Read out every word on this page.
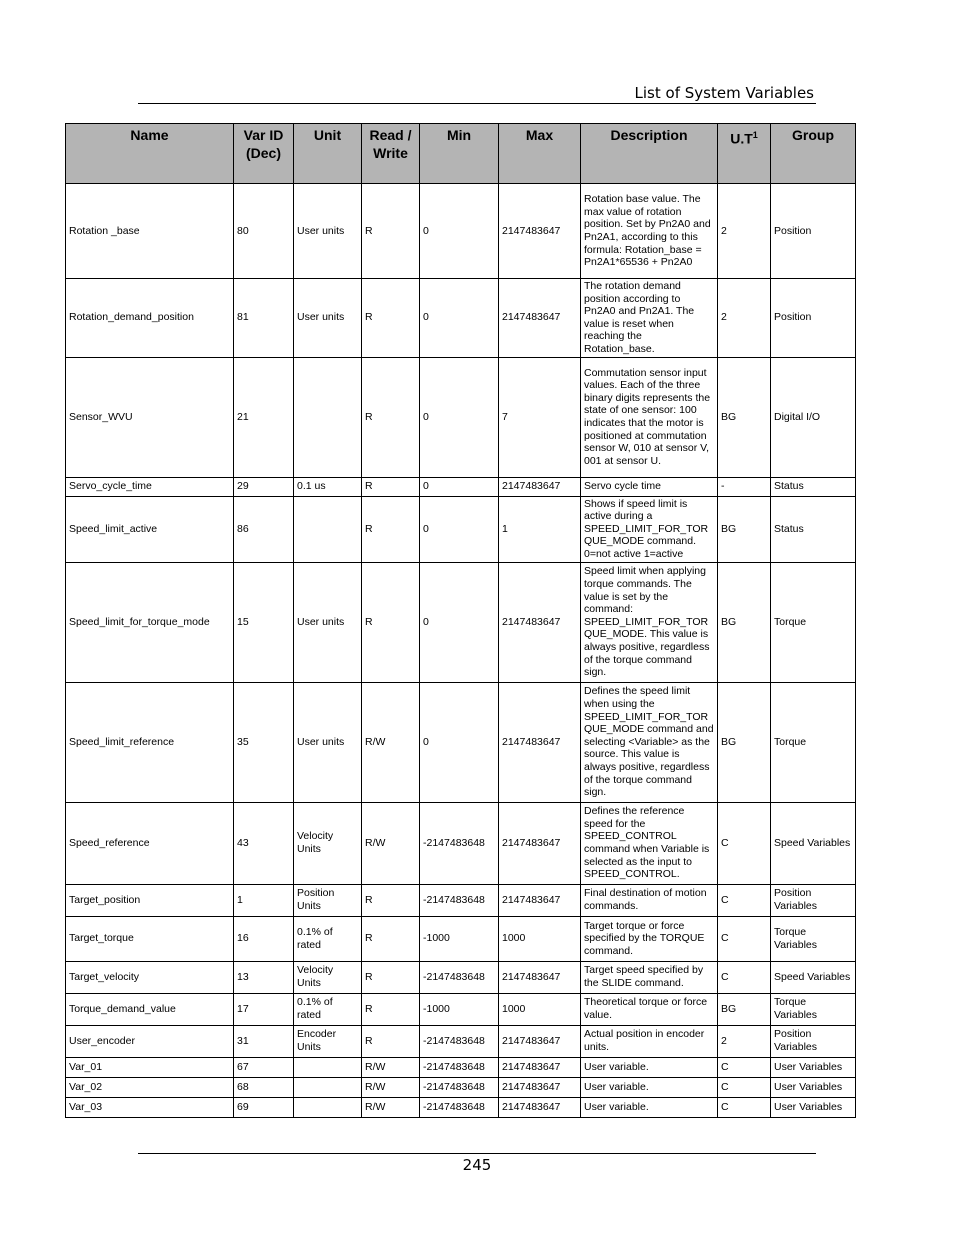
List of System Variables
Name	Var ID (Dec)	Unit	Read / Write	Min	Max	Description	$U.T^1$	Group
Rotation _base	80	User units	R	0	2147483647	Rotation base value. The max value of rotation position. Set by Pn2A0 and Pn2A1, according to this formula: Rotation_base = Pn2A1*65536 + Pn2A0	2	Position
Rotation_demand_position	81	User units	R	0	2147483647	The rotation demand position according to Pn2A0 and Pn2A1. The value is reset when reaching the Rotation_base.	2	Position
Sensor_WVU	21		R	0	7	Commutation sensor input values. Each of the three binary digits represents the state of one sensor: 100 indicates that the motor is positioned at commutation sensor W, 010 at sensor V, 001 at sensor U.	BG	Digital I/O
Servo_cycle_time	29	0.1 us	R	0	2147483647	Servo cycle time	-	Status
Speed_limit_active	86		R	0	1	Shows if speed limit is active during a SPEED_LIMIT_FOR_TORQUE_MODE command. 0=not active 1=active	BG	Status
Speed_limit_for_torque_mode	15	User units	R	0	2147483647	Speed limit when applying torque commands. The value is set by the command: SPEED_LIMIT_FOR_TORQUE_MODE. This value is always positive, regardless of the torque command sign.	BG	Torque
Speed_limit_reference	35	User units	R/W	0	2147483647	Defines the speed limit when using the SPEED_LIMIT_FOR_TORQUE_MODE command and selecting <Variable> as the source. This value is always positive, regardless of the torque command sign.	BG	Torque
Speed_reference	43	Velocity Units	R/W	-2147483648	2147483647	Defines the reference speed for the SPEED_CONTROL command when Variable is selected as the input to SPEED_CONTROL.	C	Speed Variables
Target_position	1	Position Units	R	-2147483648	2147483647	Final destination of motion commands.	C	Position Variables
Target_torque	16	0.1% of rated	R	-1000	1000	Target torque or force specified by the TORQUE command.	C	Torque Variables
Target_velocity	13	Velocity Units	R	-2147483648	2147483647	Target speed specified by the SLIDE command.	C	Speed Variables
Torque_demand_value	17	0.1% of rated	R	-1000	1000	Theoretical torque or force value.	BG	Torque Variables
User_encoder	31	Encoder Units	R	-2147483648	2147483647	Actual position in encoder units.	2	Position Variables
Var_01	67		R/W	-2147483648	2147483647	User variable.	C	User Variables
Var_02	68		R/W	-2147483648	2147483647	User variable.	C	User Variables
Var_03	69		R/W	-2147483648	2147483647	User variable.	C	User Variables
245
